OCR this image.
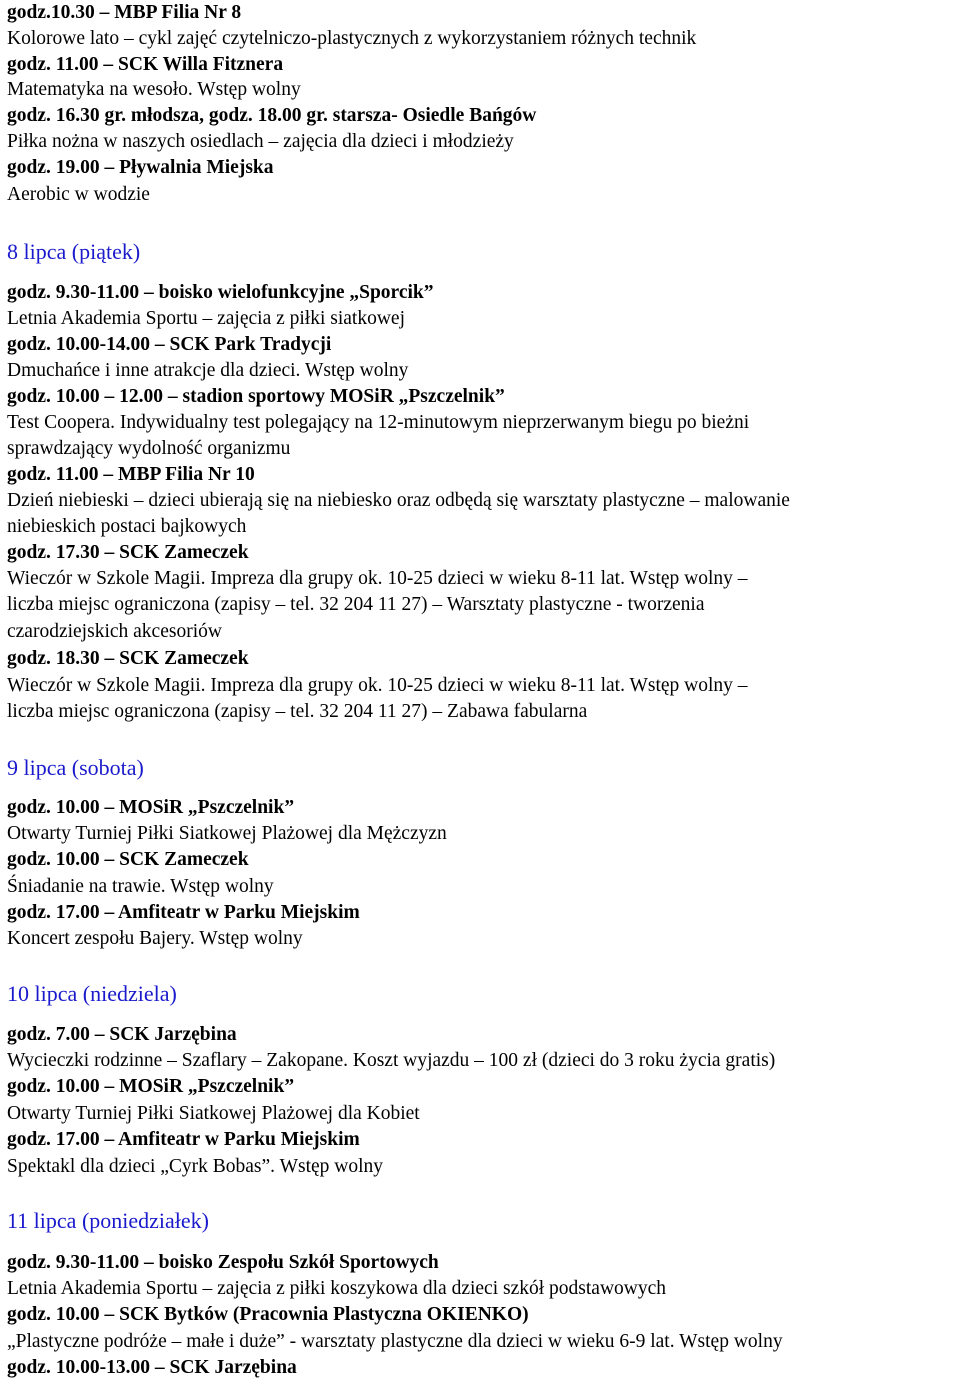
godz.10.30 – MBP Filia Nr 8
Kolorowe lato – cykl zajęć czytelniczo-plastycznych z wykorzystaniem różnych technik
godz. 11.00 – SCK Willa Fitznera
Matematyka na wesoło. Wstęp wolny
godz. 16.30 gr. młodsza, godz. 18.00 gr. starsza- Osiedle Bańgów
Piłka nożna w naszych osiedlach – zajęcia dla dzieci i młodzieży
godz. 19.00 – Pływalnia Miejska
Aerobic w wodzie
8 lipca (piątek)
godz. 9.30-11.00 – boisko wielofunkcyjne „Sporcik”
Letnia Akademia Sportu – zajęcia z piłki siatkowej
godz. 10.00-14.00 – SCK Park Tradycji
Dmuchańce i inne atrakcje dla dzieci. Wstęp wolny
godz. 10.00 – 12.00 – stadion sportowy MOSiR „Pszczelnik”
Test Coopera. Indywidualny test polegający na 12-minutowym nieprzerwanym biegu po bieżni
sprawdzający wydolność organizmu
godz. 11.00 – MBP Filia Nr 10
Dzień niebieski – dzieci ubierają się na niebiesko oraz odbędą się warsztaty plastyczne – malowanie
niebieskich postaci bajkowych
godz. 17.30 – SCK Zameczek
Wieczór w Szkole Magii. Impreza dla grupy ok. 10-25 dzieci w wieku 8-11 lat. Wstęp wolny –
liczba miejsc ograniczona (zapisy – tel. 32 204 11 27) – Warsztaty plastyczne - tworzenia
czarodziejskich akcesoriów
godz. 18.30 – SCK Zameczek
Wieczór w Szkole Magii. Impreza dla grupy ok. 10-25 dzieci w wieku 8-11 lat. Wstęp wolny –
liczba miejsc ograniczona (zapisy – tel. 32 204 11 27) – Zabawa fabularna
9 lipca (sobota)
godz. 10.00 – MOSiR „Pszczelnik”
Otwarty Turniej Piłki Siatkowej Plażowej dla Mężczyzn
godz. 10.00 – SCK Zameczek
Śniadanie na trawie. Wstęp wolny
godz. 17.00 – Amfiteatr w Parku Miejskim
Koncert zespołu Bajery. Wstęp wolny
10 lipca (niedziela)
godz. 7.00 – SCK Jarzębina
Wycieczki rodzinne – Szaflary – Zakopane. Koszt wyjazdu – 100 zł (dzieci do 3 roku życia gratis)
godz. 10.00 – MOSiR „Pszczelnik”
Otwarty Turniej Piłki Siatkowej Plażowej dla Kobiet
godz. 17.00 – Amfiteatr w Parku Miejskim
Spektakl dla dzieci „Cyrk Bobas”. Wstęp wolny
11 lipca (poniedziałek)
godz. 9.30-11.00 – boisko Zespołu Szkół Sportowych
Letnia Akademia Sportu – zajęcia z piłki koszykowa dla dzieci szkół podstawowych
godz. 10.00 – SCK Bytków (Pracownia Plastyczna OKIENKO)
„Plastyczne podróże – małe i duże” - warsztaty plastyczne dla dzieci w wieku 6-9 lat. Wstęp wolny
godz. 10.00-13.00 – SCK Jarzębina
